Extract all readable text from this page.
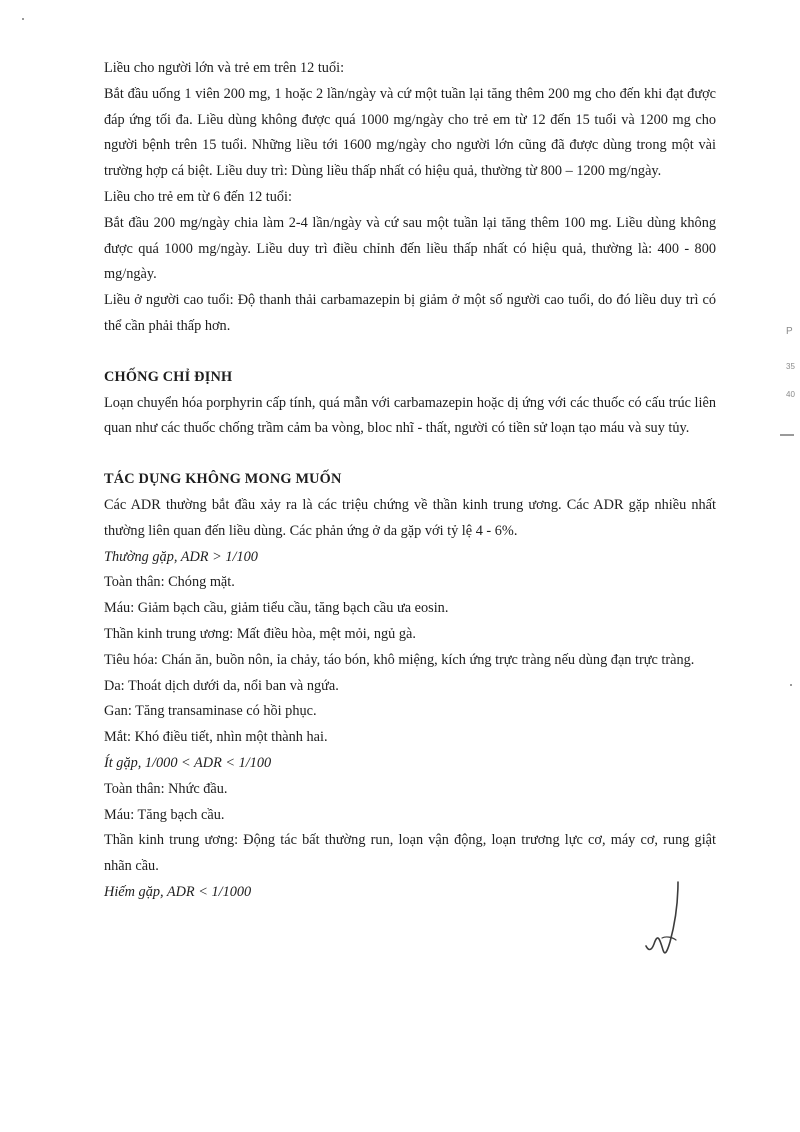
Liều cho người lớn và trẻ em trên 12 tuổi:

Bắt đầu uống 1 viên 200 mg, 1 hoặc 2 lần/ngày và cứ một tuần lại tăng thêm 200 mg cho đến khi đạt được đáp ứng tối đa. Liều dùng không được quá 1000 mg/ngày cho trẻ em từ 12 đến 15 tuổi và 1200 mg cho người bệnh trên 15 tuổi. Những liều tới 1600 mg/ngày cho người lớn cũng đã được dùng trong một vài trường hợp cá biệt. Liều duy trì: Dùng liều thấp nhất có hiệu quả, thường từ 800 – 1200 mg/ngày.

Liều cho trẻ em từ 6 đến 12 tuổi:

Bắt đầu 200 mg/ngày chia làm 2-4 lần/ngày và cứ sau một tuần lại tăng thêm 100 mg. Liều dùng không được quá 1000 mg/ngày. Liều duy trì điều chỉnh đến liều thấp nhất có hiệu quả, thường là: 400 - 800 mg/ngày.

Liều ở người cao tuổi: Độ thanh thải carbamazepin bị giảm ở một số người cao tuổi, do đó liều duy trì có thể cần phải thấp hơn.

CHỐNG CHỈ ĐỊNH

Loạn chuyển hóa porphyrin cấp tính, quá mẫn với carbamazepin hoặc dị ứng với các thuốc có cấu trúc liên quan như các thuốc chống trầm cảm ba vòng, bloc nhĩ - thất, người có tiền sử loạn tạo máu và suy tủy.

TÁC DỤNG KHÔNG MONG MUỐN

Các ADR thường bắt đầu xảy ra là các triệu chứng về thần kinh trung ương. Các ADR gặp nhiều nhất thường liên quan đến liều dùng. Các phản ứng ở da gặp với tỷ lệ 4 - 6%.

Thường gặp, ADR > 1/100

Toàn thân: Chóng mặt.

Máu: Giảm bạch cầu, giảm tiểu cầu, tăng bạch cầu ưa eosin.

Thần kinh trung ương: Mất điều hòa, mệt mỏi, ngủ gà.

Tiêu hóa: Chán ăn, buồn nôn, ỉa chảy, táo bón, khô miệng, kích ứng trực tràng nếu dùng đạn trực tràng.

Da: Thoát dịch dưới da, nổi ban và ngứa.

Gan: Tăng transaminase có hồi phục.

Mắt: Khó điều tiết, nhìn một thành hai.

Ít gặp, 1/000 < ADR < 1/100

Toàn thân: Nhức đầu.

Máu: Tăng bạch cầu.

Thần kinh trung ương: Động tác bất thường run, loạn vận động, loạn trương lực cơ, máy cơ, rung giật nhãn cầu.

Hiếm gặp, ADR < 1/1000

P
35
40
